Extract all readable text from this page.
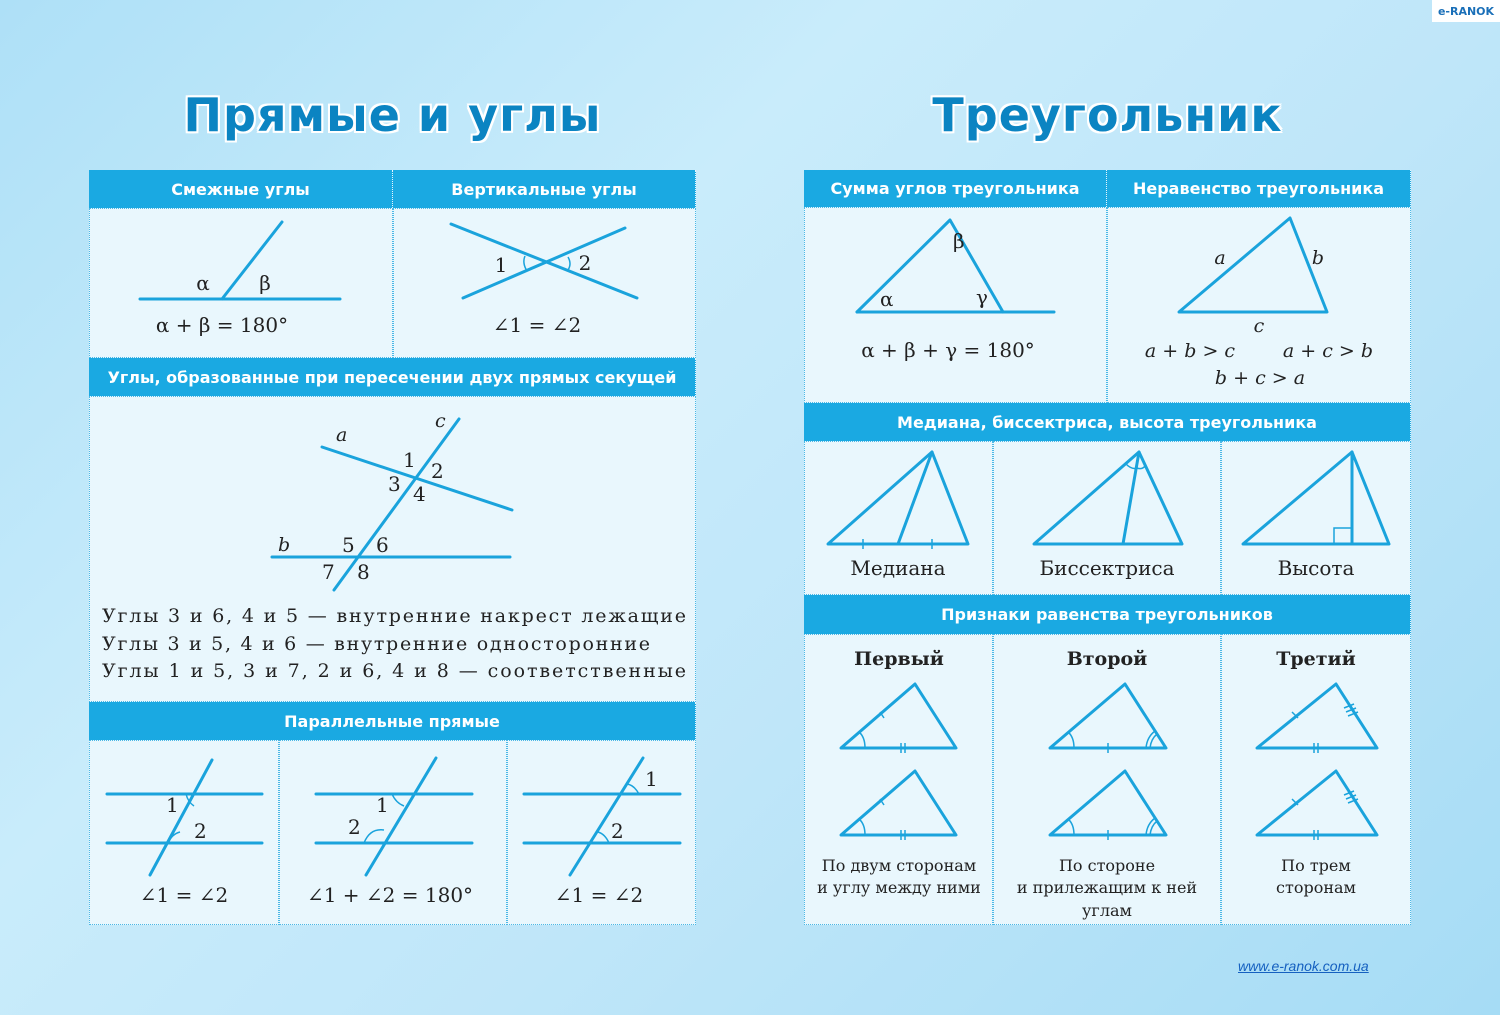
e-RANOK
Прямые и углы	Треугольник
Смежные углы	Вертикальные углы
Углы, образованные при пересечении двух прямых секущей
Параллельные прямые
Сумма углов треугольника	Неравенство треугольника
Медиана, биссектриса, высота треугольника
Признаки равенства треугольников
α β
α + β = 180°
1	2
∠1 = ∠2
a
c
b
1 2
3 4
5 6
7 8
Углы 3 и 6, 4 и 5 — внутренние накрест лежащие
Углы 3 и 5, 4 и 6 — внутренние односторонние
Углы 1 и 5, 3 и 7, 2 и 6, 4 и 8 — соответственные
1
2
∠1 = ∠2
1
2
∠1 + ∠2 = 180°
1
2
∠1 = ∠2
β
α	γ
α + β + γ = 180°
a	b
c
a + b > c	a + c > b
b + c > a
Медиана	Биссектриса	Высота
Первый
По двум сторонам
и углу между ними
Второй
По стороне
и прилежащим к ней
углам
Третий
По трем
сторонам
www.e-ranok.com.ua
